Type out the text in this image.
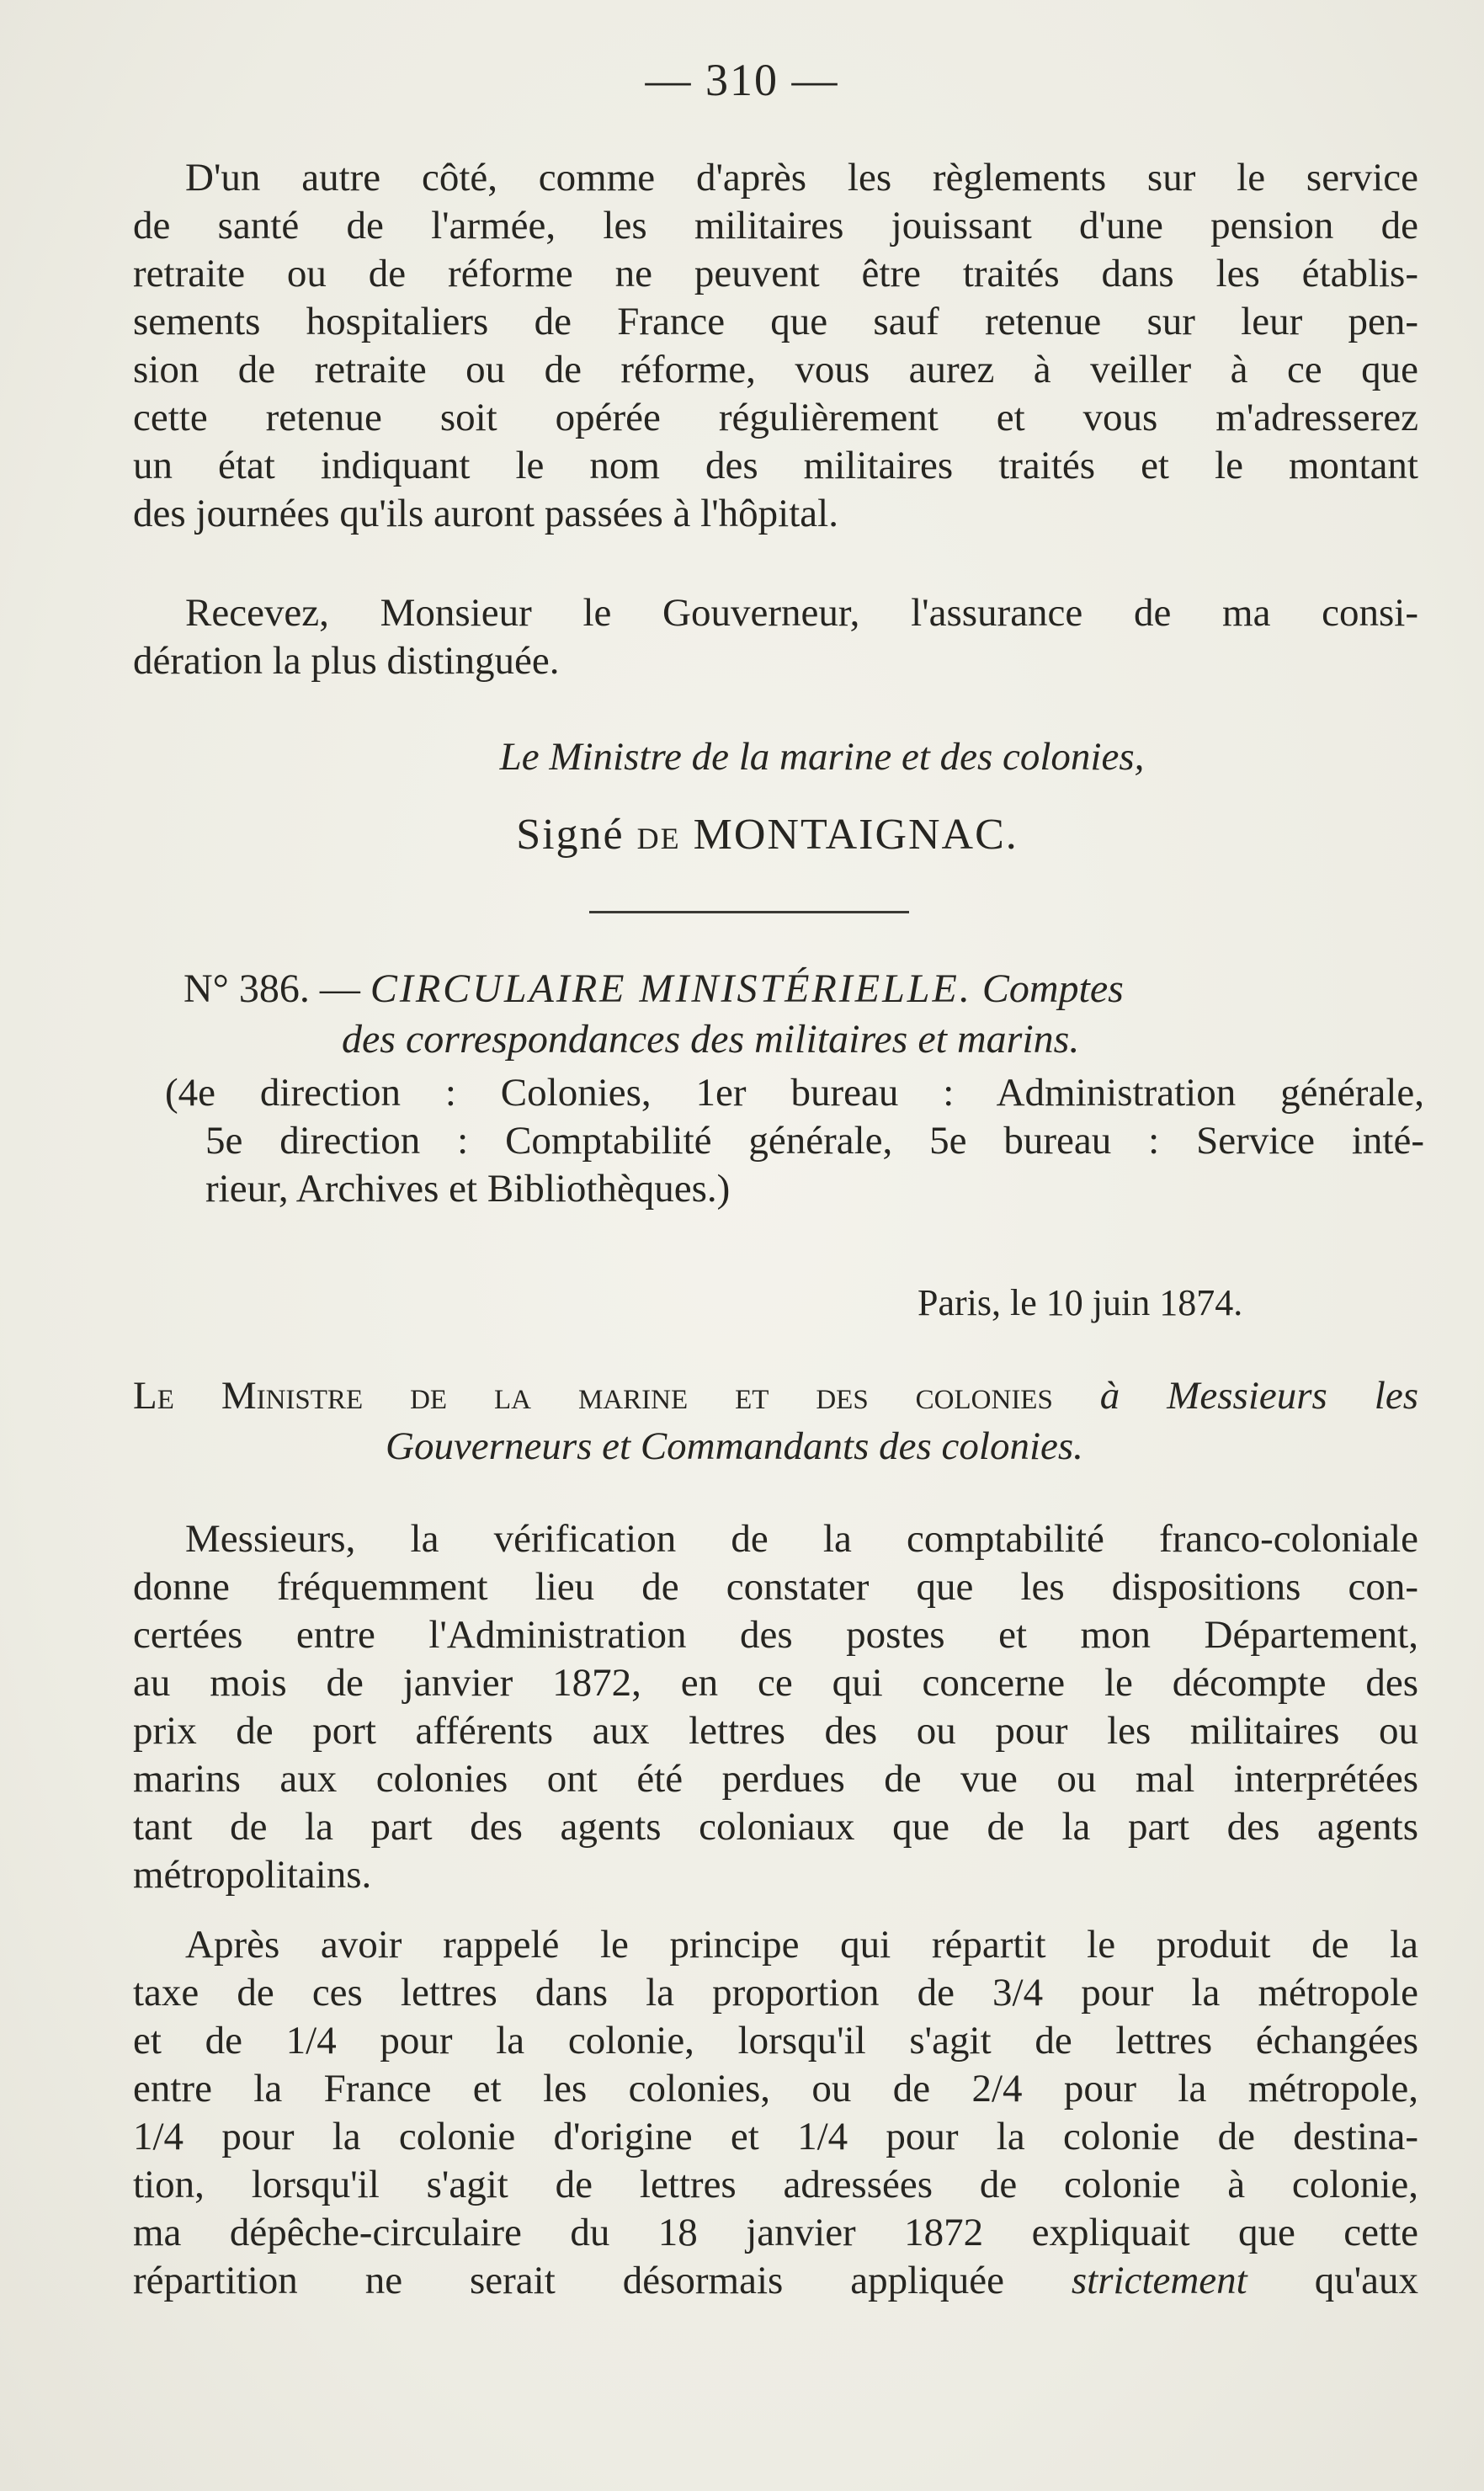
— 310 —
D'un autre côté, comme d'après les règlements sur le service
de santé de l'armée, les militaires jouissant d'une pension de
retraite ou de réforme ne peuvent être traités dans les établis-
sements hospitaliers de France que sauf retenue sur leur pen-
sion de retraite ou de réforme, vous aurez à veiller à ce que
cette retenue soit opérée régulièrement et vous m'adresserez
un état indiquant le nom des militaires traités et le montant
des journées qu'ils auront passées à l'hôpital.
Recevez, Monsieur le Gouverneur, l'assurance de ma consi-
dération la plus distinguée.
Le Ministre de la marine et des colonies,
Signé de MONTAIGNAC.
N° 386. — CIRCULAIRE MINISTÉRIELLE. Comptes
des correspondances des militaires et marins.
(4e direction : Colonies, 1er bureau : Administration générale,
5e direction : Comptabilité générale, 5e bureau : Service inté-
rieur, Archives et Bibliothèques.)
Paris, le 10 juin 1874.
Le Ministre de la marine et des colonies à Messieurs les
Gouverneurs et Commandants des colonies.
Messieurs, la vérification de la comptabilité franco-coloniale
donne fréquemment lieu de constater que les dispositions con-
certées entre l'Administration des postes et mon Département,
au mois de janvier 1872, en ce qui concerne le décompte des
prix de port afférents aux lettres des ou pour les militaires ou
marins aux colonies ont été perdues de vue ou mal interprétées
tant de la part des agents coloniaux que de la part des agents
métropolitains.
Après avoir rappelé le principe qui répartit le produit de la
taxe de ces lettres dans la proportion de 3/4 pour la métropole
et de 1/4 pour la colonie, lorsqu'il s'agit de lettres échangées
entre la France et les colonies, ou de 2/4 pour la métropole,
1/4 pour la colonie d'origine et 1/4 pour la colonie de destina-
tion, lorsqu'il s'agit de lettres adressées de colonie à colonie,
ma dépêche-circulaire du 18 janvier 1872 expliquait que cette
répartition ne serait désormais appliquée strictement qu'aux
